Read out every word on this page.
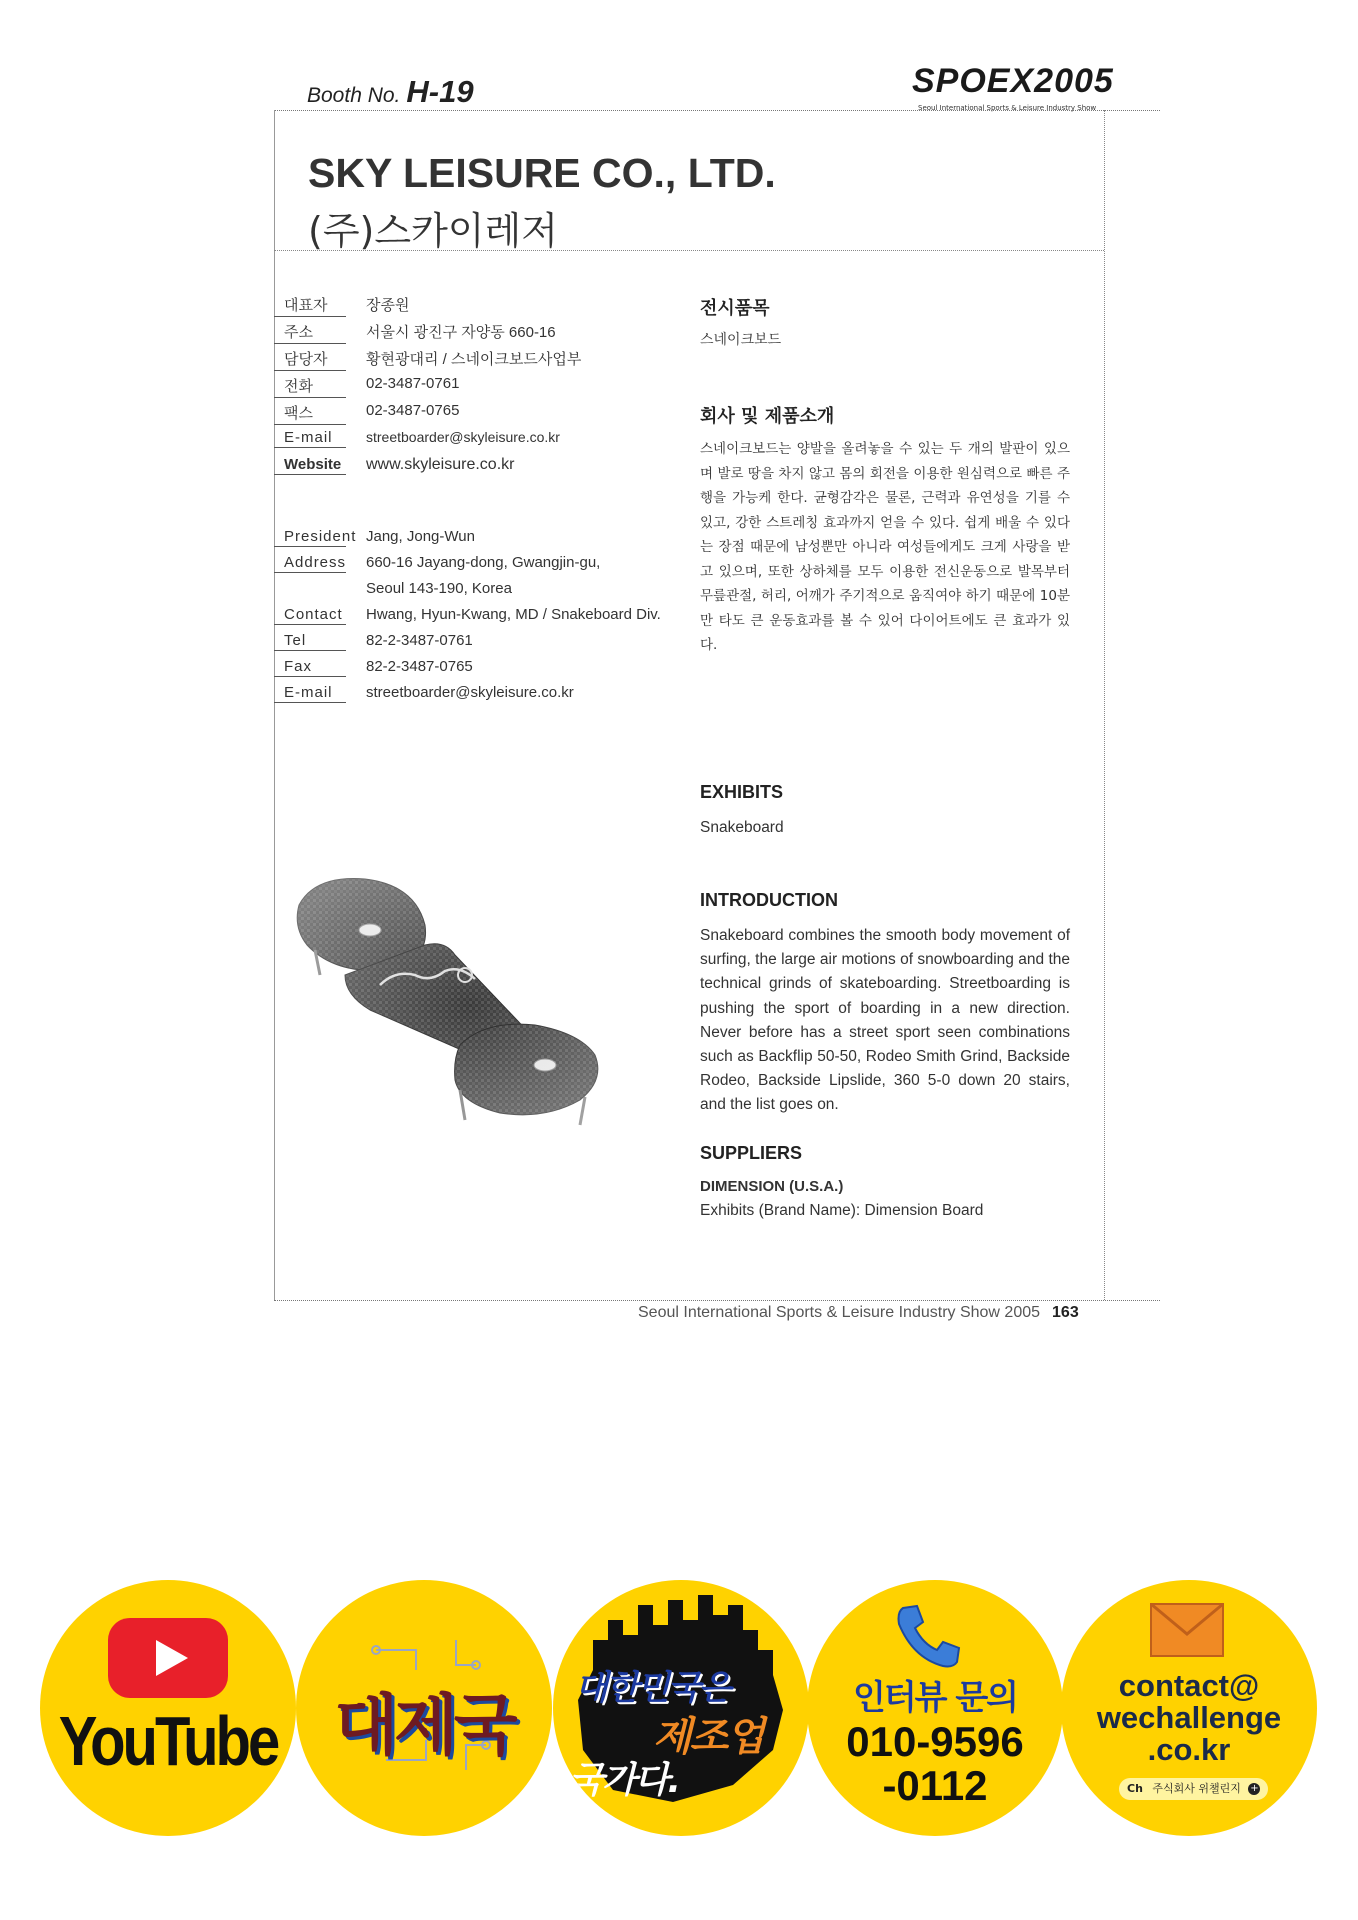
Booth No. H-19	SPOEX2005
Seoul International Sports & Leisure Industry Show
SKY LEISURE CO., LTD.
(주)스카이레저
대표자	장종원
주소	서울시 광진구 자양동 660-16
담당자	황현광대리 / 스네이크보드사업부
전화	02-3487-0761
팩스	02-3487-0765
E-mail	streetboarder@skyleisure.co.kr
Website www.skyleisure.co.kr
President Jang, Jong-Wun
Address 660-16 Jayang-dong, Gwangjin-gu,
Seoul 143-190, Korea
Contact Hwang, Hyun-Kwang, MD / Snakeboard Div.
Tel	82-2-3487-0761
Fax	82-2-3487-0765
E-mail	streetboarder@skyleisure.co.kr
전시품목
스네이크보드
회사 및 제품소개
스네이크보드는 양발을 올려놓을 수 있는 두 개의 발판이 있으며 발로 땅을 차지 않고 몸의 회전을 이용한 원심력으로 빠른 주행을 가능케 한다. 균형감각은 물론, 근력과 유연성을 기를 수 있고, 강한 스트레칭 효과까지 얻을 수 있다. 쉽게 배울 수 있다는 장점 때문에 남성뿐만 아니라 여성들에게도 크게 사랑을 받고 있으며, 또한 상하체를 모두 이용한 전신운동으로 발목부터 무릎관절, 허리, 어깨가 주기적으로 움직여야 하기 때문에 10분만 타도 큰 운동효과를 볼 수 있어 다이어트에도 큰 효과가 있다.
EXHIBITS
Snakeboard
INTRODUCTION
Snakeboard combines the smooth body movement of surfing, the large air motions of snowboarding and the technical grinds of skateboarding. Streetboarding is pushing the sport of boarding in a new direction. Never before has a street sport seen combinations such as Backflip 50-50, Rodeo Smith Grind, Backside Rodeo, Backside Lipslide, 360 5-0 down 20 stairs, and the list goes on.
SUPPLIERS
DIMENSION (U.S.A.)
Exhibits (Brand Name): Dimension Board
Seoul International Sports & Leisure Industry Show 2005 163
YouTube 대제국	대한민국은
제조업
국가다.
인터뷰 문의
010-9596
-0112
contact@
wechallenge
.co.kr
Ch 주식회사 위챌린지 +
